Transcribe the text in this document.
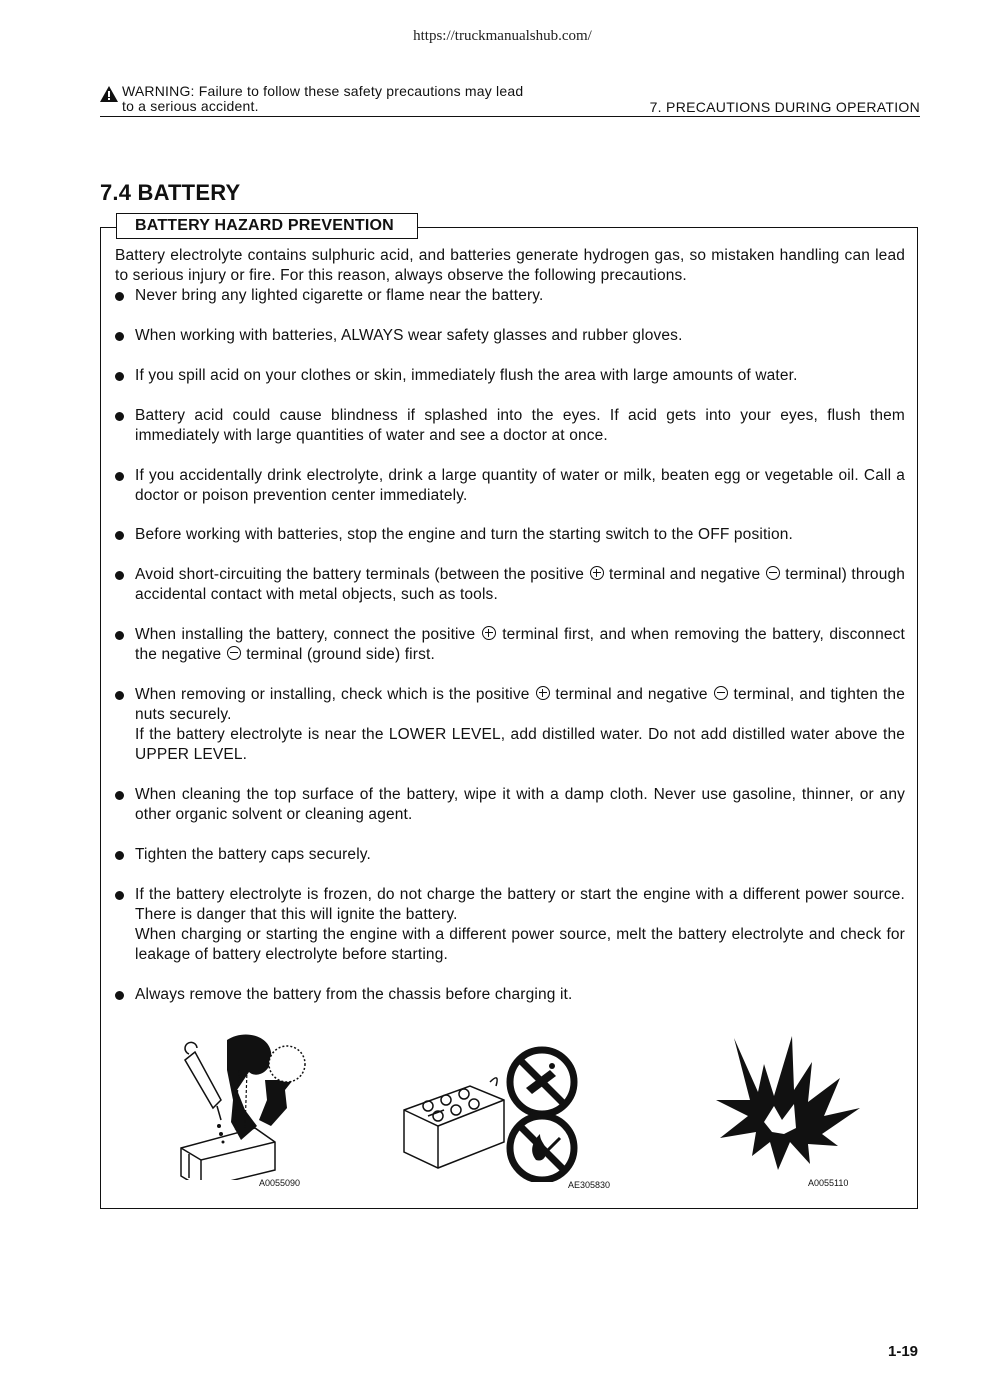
https://truckmanualshub.com/
WARNING: Failure to follow these safety precautions may lead
to a serious accident.	7. PRECAUTIONS DURING OPERATION
7.4 BATTERY
BATTERY HAZARD PREVENTION
Battery electrolyte contains sulphuric acid, and batteries generate hydrogen gas, so mistaken handling can lead to serious injury or fire. For this reason, always observe the following precautions.
Never bring any lighted cigarette or flame near the battery.
When working with batteries, ALWAYS wear safety glasses and rubber gloves.
If you spill acid on your clothes or skin, immediately flush the area with large amounts of water.
Battery acid could cause blindness if splashed into the eyes. If acid gets into your eyes, flush them immediately with large quantities of water and see a doctor at once.
If you accidentally drink electrolyte, drink a large quantity of water or milk, beaten egg or vegetable oil. Call a doctor or poison prevention center immediately.
Before working with batteries, stop the engine and turn the starting switch to the OFF position.
Avoid short-circuiting the battery terminals (between the positive terminal and negative terminal) through accidental contact with metal objects, such as tools.
When installing the battery, connect the positive terminal first, and when removing the battery, disconnect the negative terminal (ground side) first.
When removing or installing, check which is the positive terminal and negative terminal, and tighten the nuts securely.
If the battery electrolyte is near the LOWER LEVEL, add distilled water. Do not add distilled water above the UPPER LEVEL.
When cleaning the top surface of the battery, wipe it with a damp cloth. Never use gasoline, thinner, or any other organic solvent or cleaning agent.
Tighten the battery caps securely.
If the battery electrolyte is frozen, do not charge the battery or start the engine with a different power source. There is danger that this will ignite the battery.
When charging or starting the engine with a different power source, melt the battery electrolyte and check for leakage of battery electrolyte before starting.
Always remove the battery from the chassis before charging it.
A0055090	AE305830	A0055110
1-19
